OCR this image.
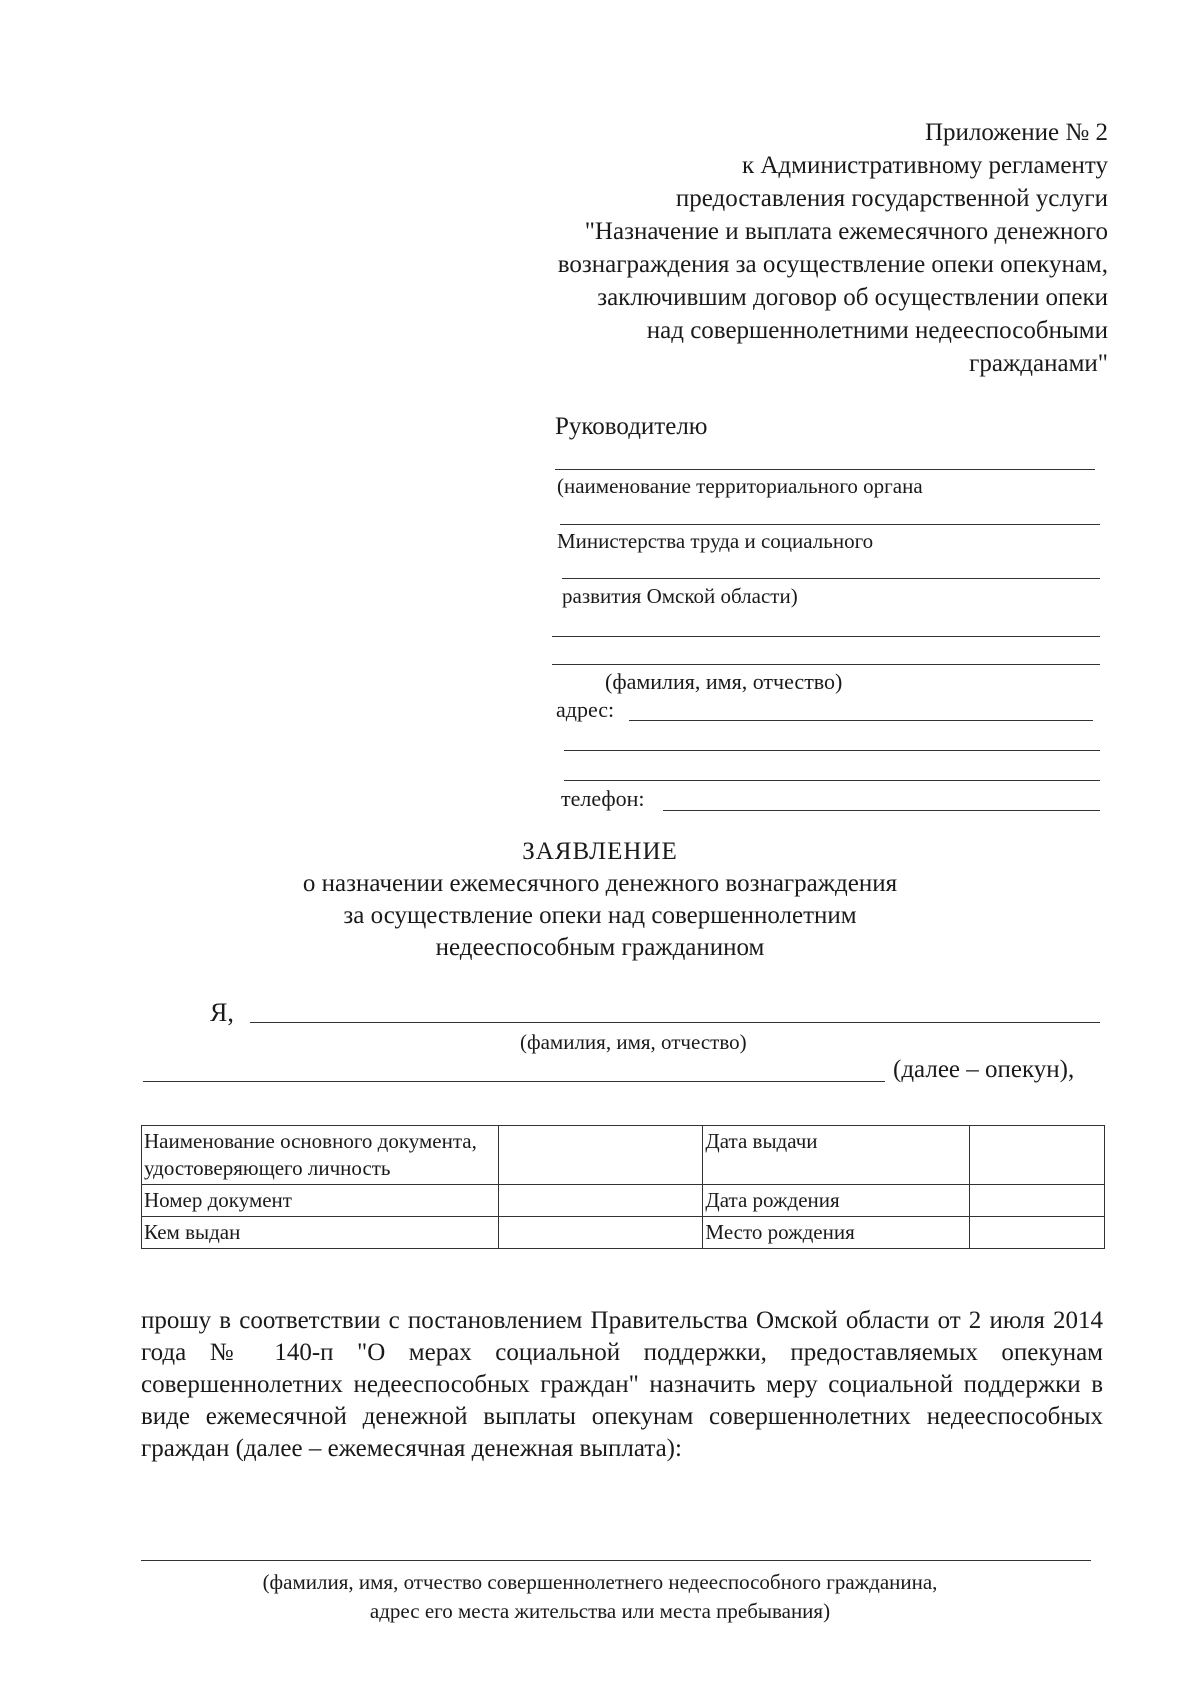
Приложение № 2
к Административному регламенту
предоставления государственной услуги
"Назначение и выплата ежемесячного денежного
вознаграждения за осуществление опеки опекунам,
заключившим договор об осуществлении опеки
над совершеннолетними недееспособными
гражданами"
Руководителю
(наименование территориального органа
Министерства труда и социального
развития Омской области)
(фамилия, имя, отчество)
адрес:
телефон:
ЗАЯВЛЕНИЕ
о назначении ежемесячного денежного вознаграждения
за осуществление опеки над совершеннолетним
недееспособным гражданином
Я,
(фамилия, имя, отчество)
(далее – опекун),
Наименование основного документа, удостоверяющего личность		Дата выдачи	
Номер документ		Дата рождения	
Кем выдан		Место рождения	
прошу в соответствии с постановлением Правительства Омской области от 2 июля 2014 года № 140-п "О мерах социальной поддержки, предоставляемых опекунам совершеннолетних недееспособных граждан" назначить меру социальной поддержки в виде ежемесячной денежной выплаты опекунам совершеннолетних недееспособных граждан (далее – ежемесячная денежная выплата):
(фамилия, имя, отчество совершеннолетнего недееспособного гражданина,
адрес его места жительства или места пребывания)
